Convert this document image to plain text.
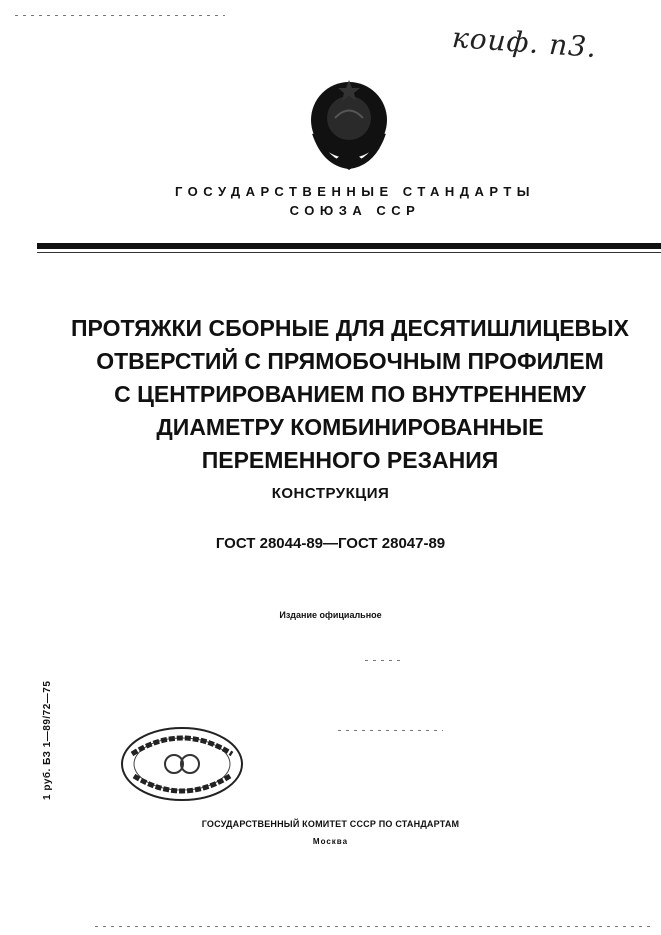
коиф. n3.
ГОСУДАРСТВЕННЫЕ СТАНДАРТЫ
СОЮЗА ССР
ПРОТЯЖКИ СБОРНЫЕ ДЛЯ ДЕСЯТИШЛИЦЕВЫХ
ОТВЕРСТИЙ С ПРЯМОБОЧНЫМ ПРОФИЛЕМ
С ЦЕНТРИРОВАНИЕМ ПО ВНУТРЕННЕМУ
ДИАМЕТРУ КОМБИНИРОВАННЫЕ
ПЕРЕМЕННОГО РЕЗАНИЯ
КОНСТРУКЦИЯ
ГОСТ 28044-89—ГОСТ 28047-89
Издание официальное
1 руб. БЗ 1—89/72—75
ГОСУДАРСТВЕННЫЙ КОМИТЕТ СССР ПО СТАНДАРТАМ
Москва
